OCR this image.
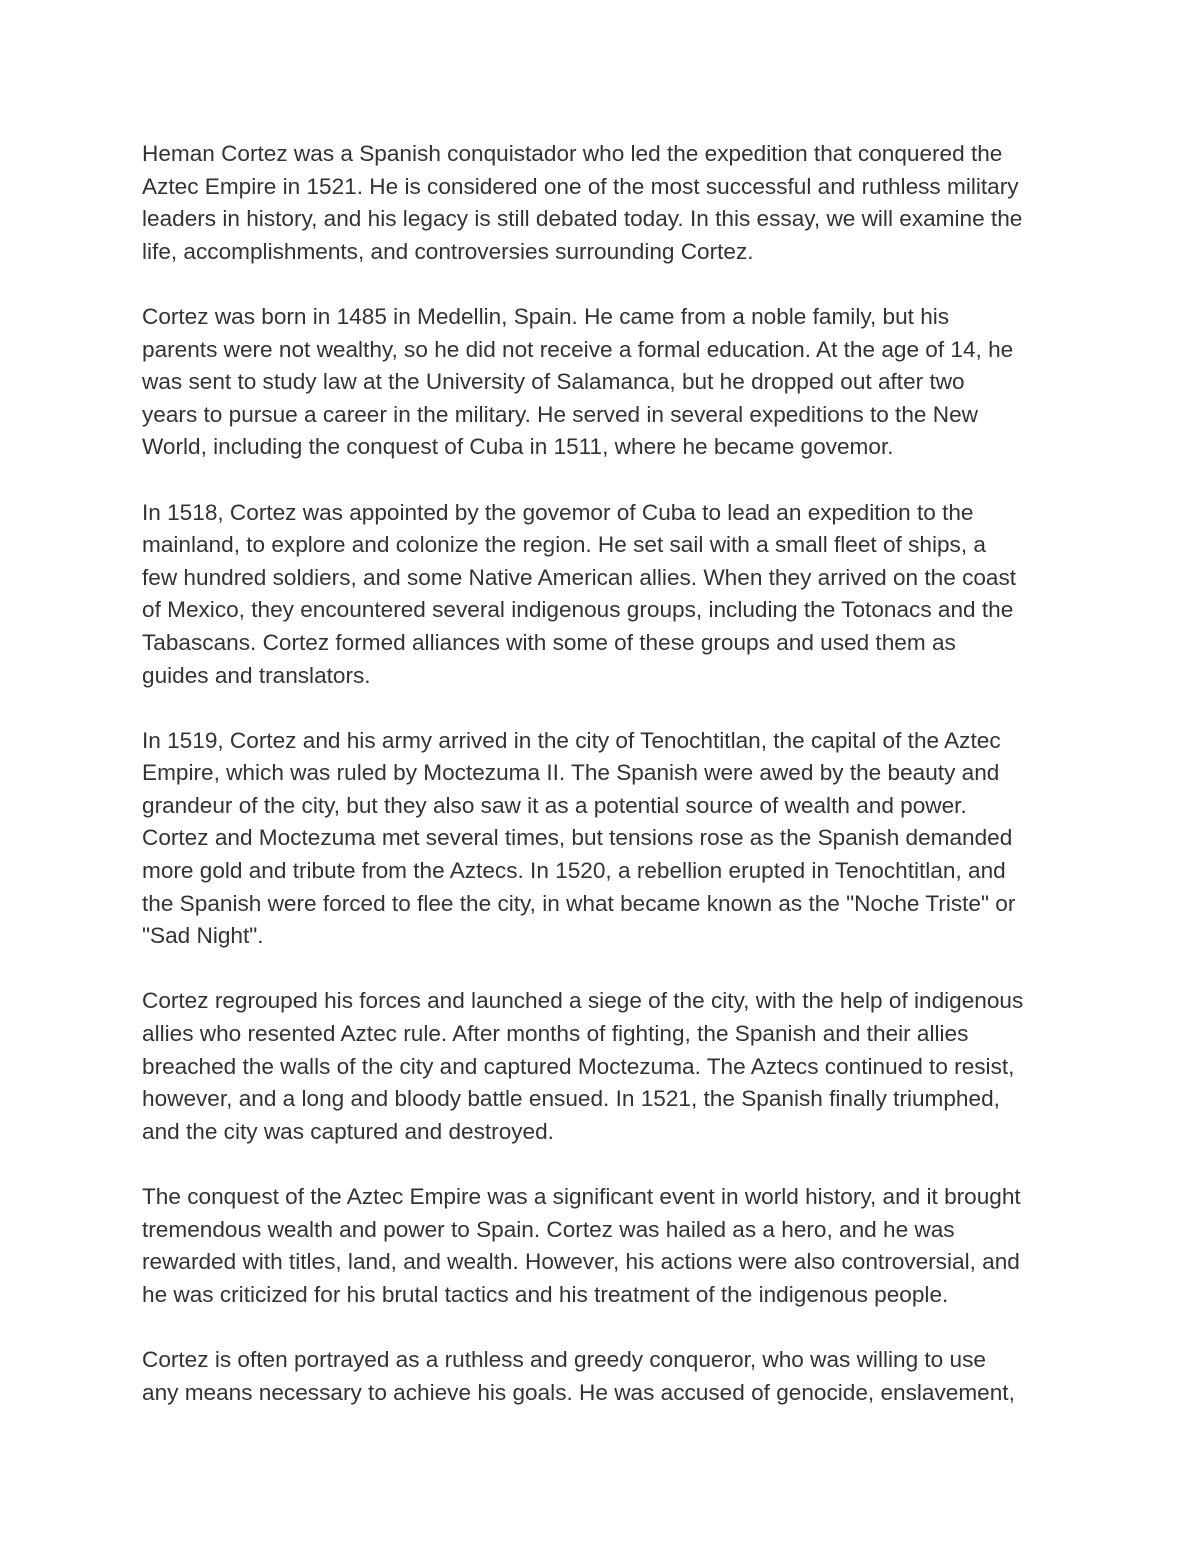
Heman Cortez was a Spanish conquistador who led the expedition that conquered the
Aztec Empire in 1521. He is considered one of the most successful and ruthless military
leaders in history, and his legacy is still debated today. In this essay, we will examine the
life, accomplishments, and controversies surrounding Cortez.

Cortez was born in 1485 in Medellin, Spain. He came from a noble family, but his
parents were not wealthy, so he did not receive a formal education. At the age of 14, he
was sent to study law at the University of Salamanca, but he dropped out after two
years to pursue a career in the military. He served in several expeditions to the New
World, including the conquest of Cuba in 1511, where he became govemor.

In 1518, Cortez was appointed by the govemor of Cuba to lead an expedition to the
mainland, to explore and colonize the region. He set sail with a small fleet of ships, a
few hundred soldiers, and some Native American allies. When they arrived on the coast
of Mexico, they encountered several indigenous groups, including the Totonacs and the
Tabascans. Cortez formed alliances with some of these groups and used them as
guides and translators.

In 1519, Cortez and his army arrived in the city of Tenochtitlan, the capital of the Aztec
Empire, which was ruled by Moctezuma II. The Spanish were awed by the beauty and
grandeur of the city, but they also saw it as a potential source of wealth and power.
Cortez and Moctezuma met several times, but tensions rose as the Spanish demanded
more gold and tribute from the Aztecs. In 1520, a rebellion erupted in Tenochtitlan, and
the Spanish were forced to flee the city, in what became known as the "Noche Triste" or
"Sad Night".

Cortez regrouped his forces and launched a siege of the city, with the help of indigenous
allies who resented Aztec rule. After months of fighting, the Spanish and their allies
breached the walls of the city and captured Moctezuma. The Aztecs continued to resist,
however, and a long and bloody battle ensued. In 1521, the Spanish finally triumphed,
and the city was captured and destroyed.

The conquest of the Aztec Empire was a significant event in world history, and it brought
tremendous wealth and power to Spain. Cortez was hailed as a hero, and he was
rewarded with titles, land, and wealth. However, his actions were also controversial, and
he was criticized for his brutal tactics and his treatment of the indigenous people.

Cortez is often portrayed as a ruthless and greedy conqueror, who was willing to use
any means necessary to achieve his goals. He was accused of genocide, enslavement,
